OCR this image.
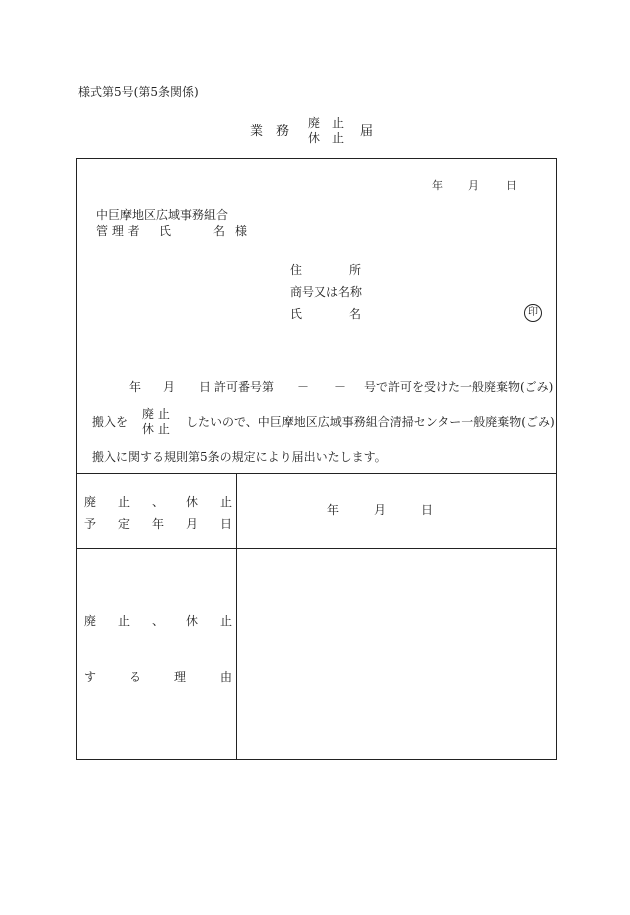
様式第5号(第5条関係)
業　務
廃　止
休　止 届
年 月 日
中巨摩地区広域事務組合
管 理 者 氏	名 様
住	所
商号又は名称
氏	名	印
年 月 日 許可番号第 － － 号で許可を受けた一般廃棄物(ごみ)
搬入を
廃 止
休 止 したいので、中巨摩地区広域事務組合清掃センター一般廃棄物(ごみ)
搬入に関する規則第5条の規定により届出いたします。
廃 止 、 休 止
予 定 年 月 日
年	月	日
廃 止 、 休 止
す	る	理	由
